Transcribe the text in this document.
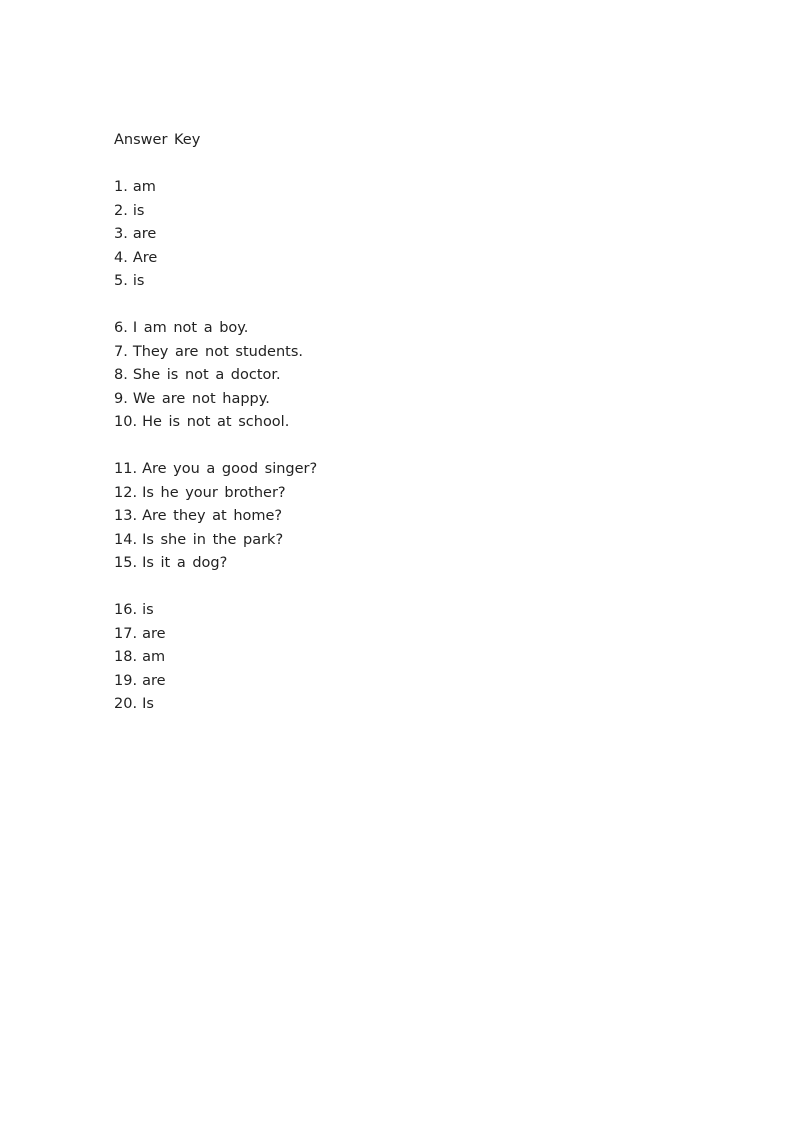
Answer Key
1. am
2. is
3. are
4. Are
5. is
6. I am not a boy.
7. They are not students.
8. She is not a doctor.
9. We are not happy.
10. He is not at school.
11. Are you a good singer?
12. Is he your brother?
13. Are they at home?
14. Is she in the park?
15. Is it a dog?
16. is
17. are
18. am
19. are
20. Is
